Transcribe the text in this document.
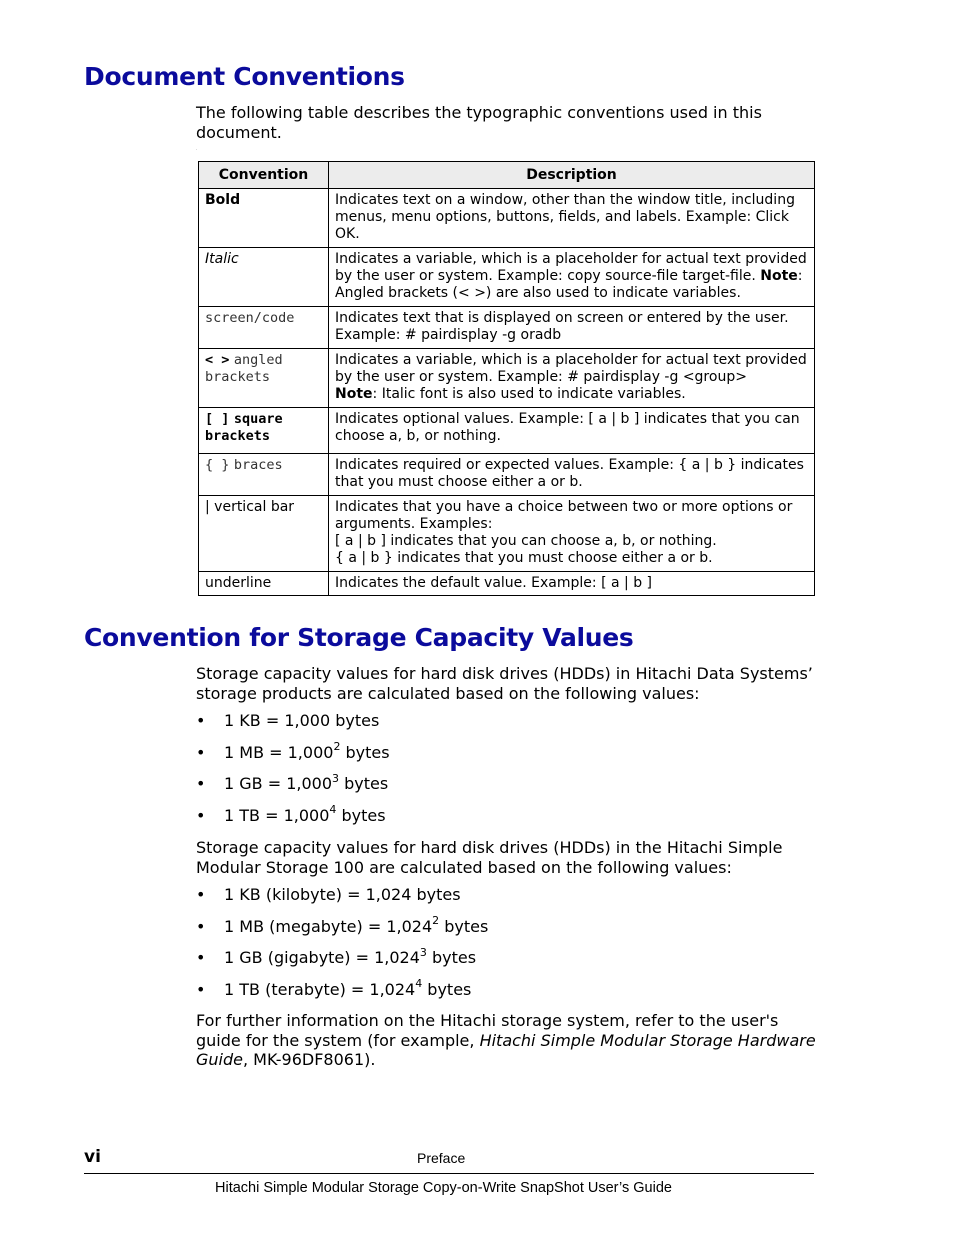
Document Conventions
The following table describes the typographic conventions used in this document.
.
Convention	Description
Bold	Indicates text on a window, other than the window title, including menus, menu options, buttons, fields, and labels. Example: Click OK.
Italic	Indicates a variable, which is a placeholder for actual text provided by the user or system. Example: copy source-file target-file. Note: Angled brackets (< >) are also used to indicate variables.
screen/code	Indicates text that is displayed on screen or entered by the user. Example: # pairdisplay -g oradb
< > angled brackets	Indicates a variable, which is a placeholder for actual text provided by the user or system. Example: # pairdisplay -g <group>
Note: Italic font is also used to indicate variables.
[ ] square brackets	Indicates optional values. Example: [ a | b ] indicates that you can choose a, b, or nothing.
{ } braces	Indicates required or expected values. Example: { a | b } indicates that you must choose either a or b.
| vertical bar	Indicates that you have a choice between two or more options or arguments. Examples:
[ a | b ] indicates that you can choose a, b, or nothing.
{ a | b } indicates that you must choose either a or b.

underline	Indicates the default value. Example: [ a | b ]
Convention for Storage Capacity Values
Storage capacity values for hard disk drives (HDDs) in Hitachi Data Systems’ storage products are calculated based on the following values:
• 1 KB = 1,000 bytes
• 1 MB = $1,000^2$ bytes
• 1 GB = $1,000^3$ bytes
• 1 TB = $1,000^4$ bytes
Storage capacity values for hard disk drives (HDDs) in the Hitachi Simple Modular Storage 100 are calculated based on the following values:
• 1 KB (kilobyte) = 1,024 bytes
• 1 MB (megabyte) = $1,024^2$ bytes
• 1 GB (gigabyte) = $1,024^3$ bytes
• 1 TB (terabyte) = $1,024^4$ bytes
For further information on the Hitachi storage system, refer to the user's guide for the system (for example, Hitachi Simple Modular Storage Hardware Guide, MK-96DF8061).
vi	Preface
Hitachi Simple Modular Storage Copy-on-Write SnapShot User’s Guide
